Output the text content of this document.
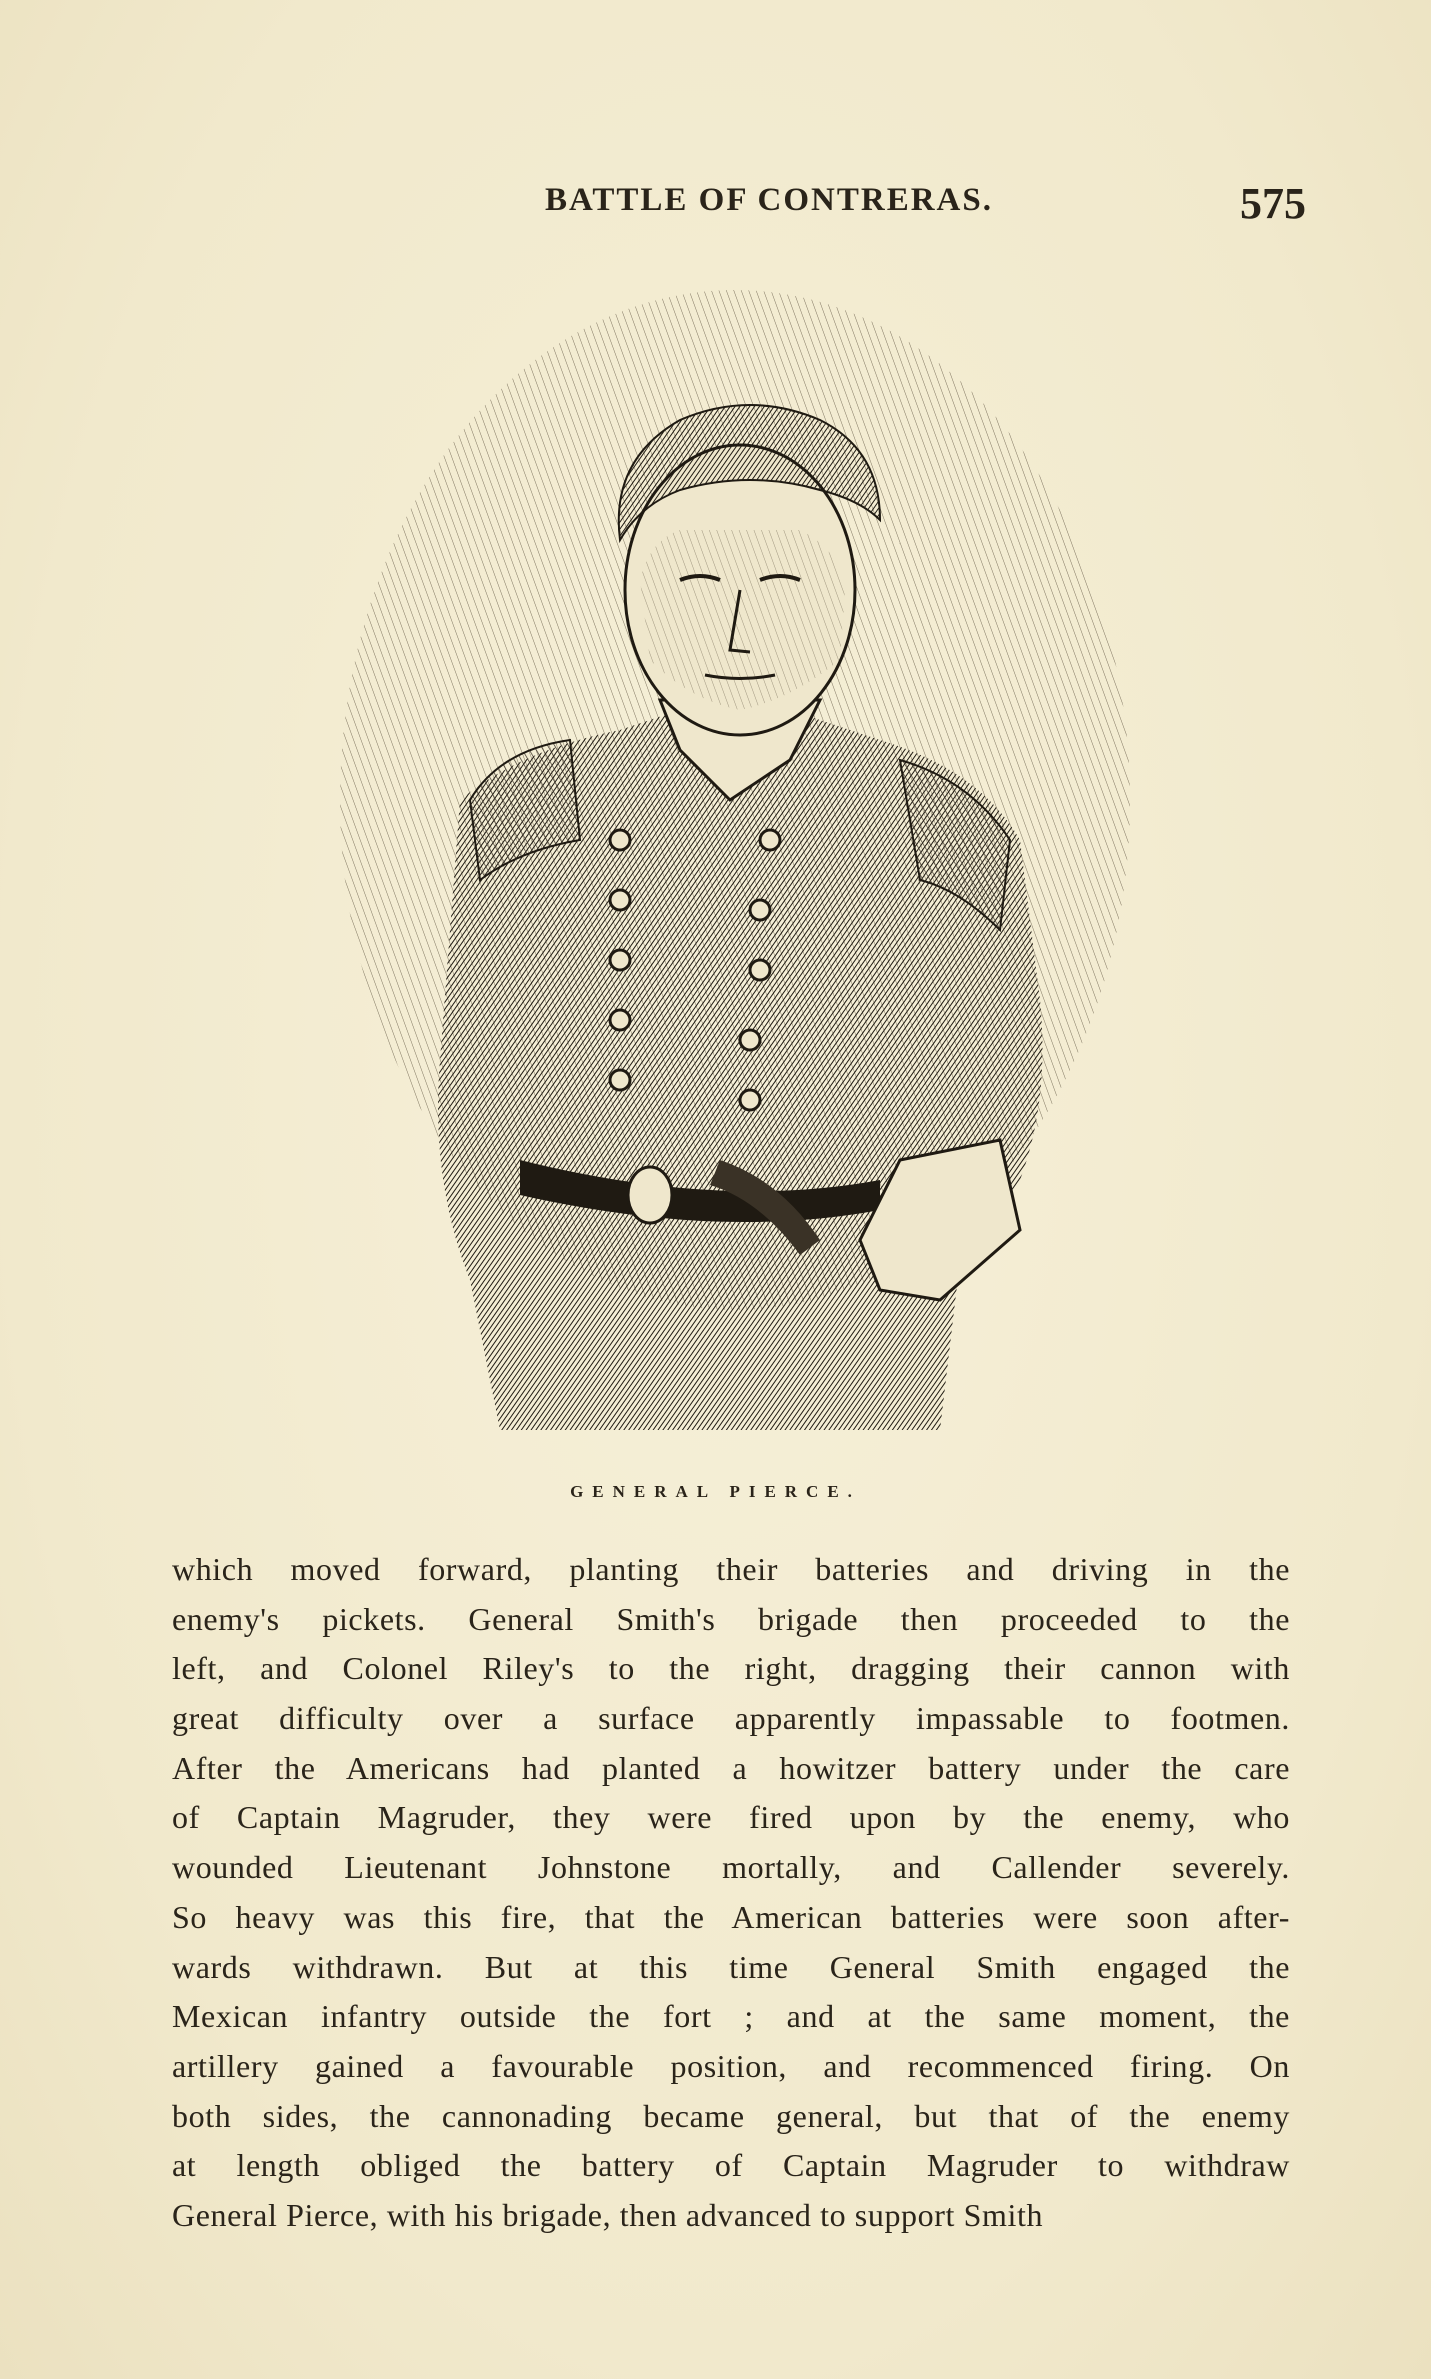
BATTLE OF CONTRERAS.	575
GENERAL PIERCE.
which moved forward, planting their batteries and driving in the
enemy's pickets. General Smith's brigade then proceeded to the
left, and Colonel Riley's to the right, dragging their cannon with
great difficulty over a surface apparently impassable to footmen.
After the Americans had planted a howitzer battery under the care
of Captain Magruder, they were fired upon by the enemy, who
wounded Lieutenant Johnstone mortally, and Callender severely.
So heavy was this fire, that the American batteries were soon after-
wards withdrawn. But at this time General Smith engaged the
Mexican infantry outside the fort ; and at the same moment, the
artillery gained a favourable position, and recommenced firing. On
both sides, the cannonading became general, but that of the enemy
at length obliged the battery of Captain Magruder to withdraw
General Pierce, with his brigade, then advanced to support Smith
